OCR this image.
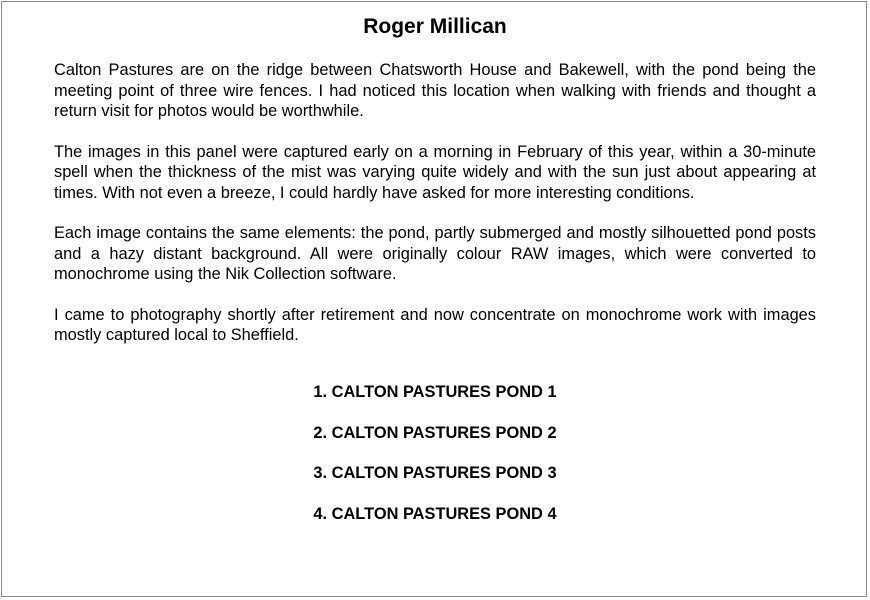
Roger Millican

Calton Pastures are on the ridge between Chatsworth House and Bakewell, with the pond being the meeting point of three wire fences. I had noticed this location when walking with friends and thought a return visit for photos would be worthwhile.

The images in this panel were captured early on a morning in February of this year, within a 30-minute spell when the thickness of the mist was varying quite widely and with the sun just about appearing at times. With not even a breeze, I could hardly have asked for more interesting conditions.

Each image contains the same elements: the pond, partly submerged and mostly silhouetted pond posts and a hazy distant background. All were originally colour RAW images, which were converted to monochrome using the Nik Collection software.

I came to photography shortly after retirement and now concentrate on monochrome work with images mostly captured local to Sheffield.

1. CALTON PASTURES POND 1
2. CALTON PASTURES POND 2
3. CALTON PASTURES POND 3
4. CALTON PASTURES POND 4
